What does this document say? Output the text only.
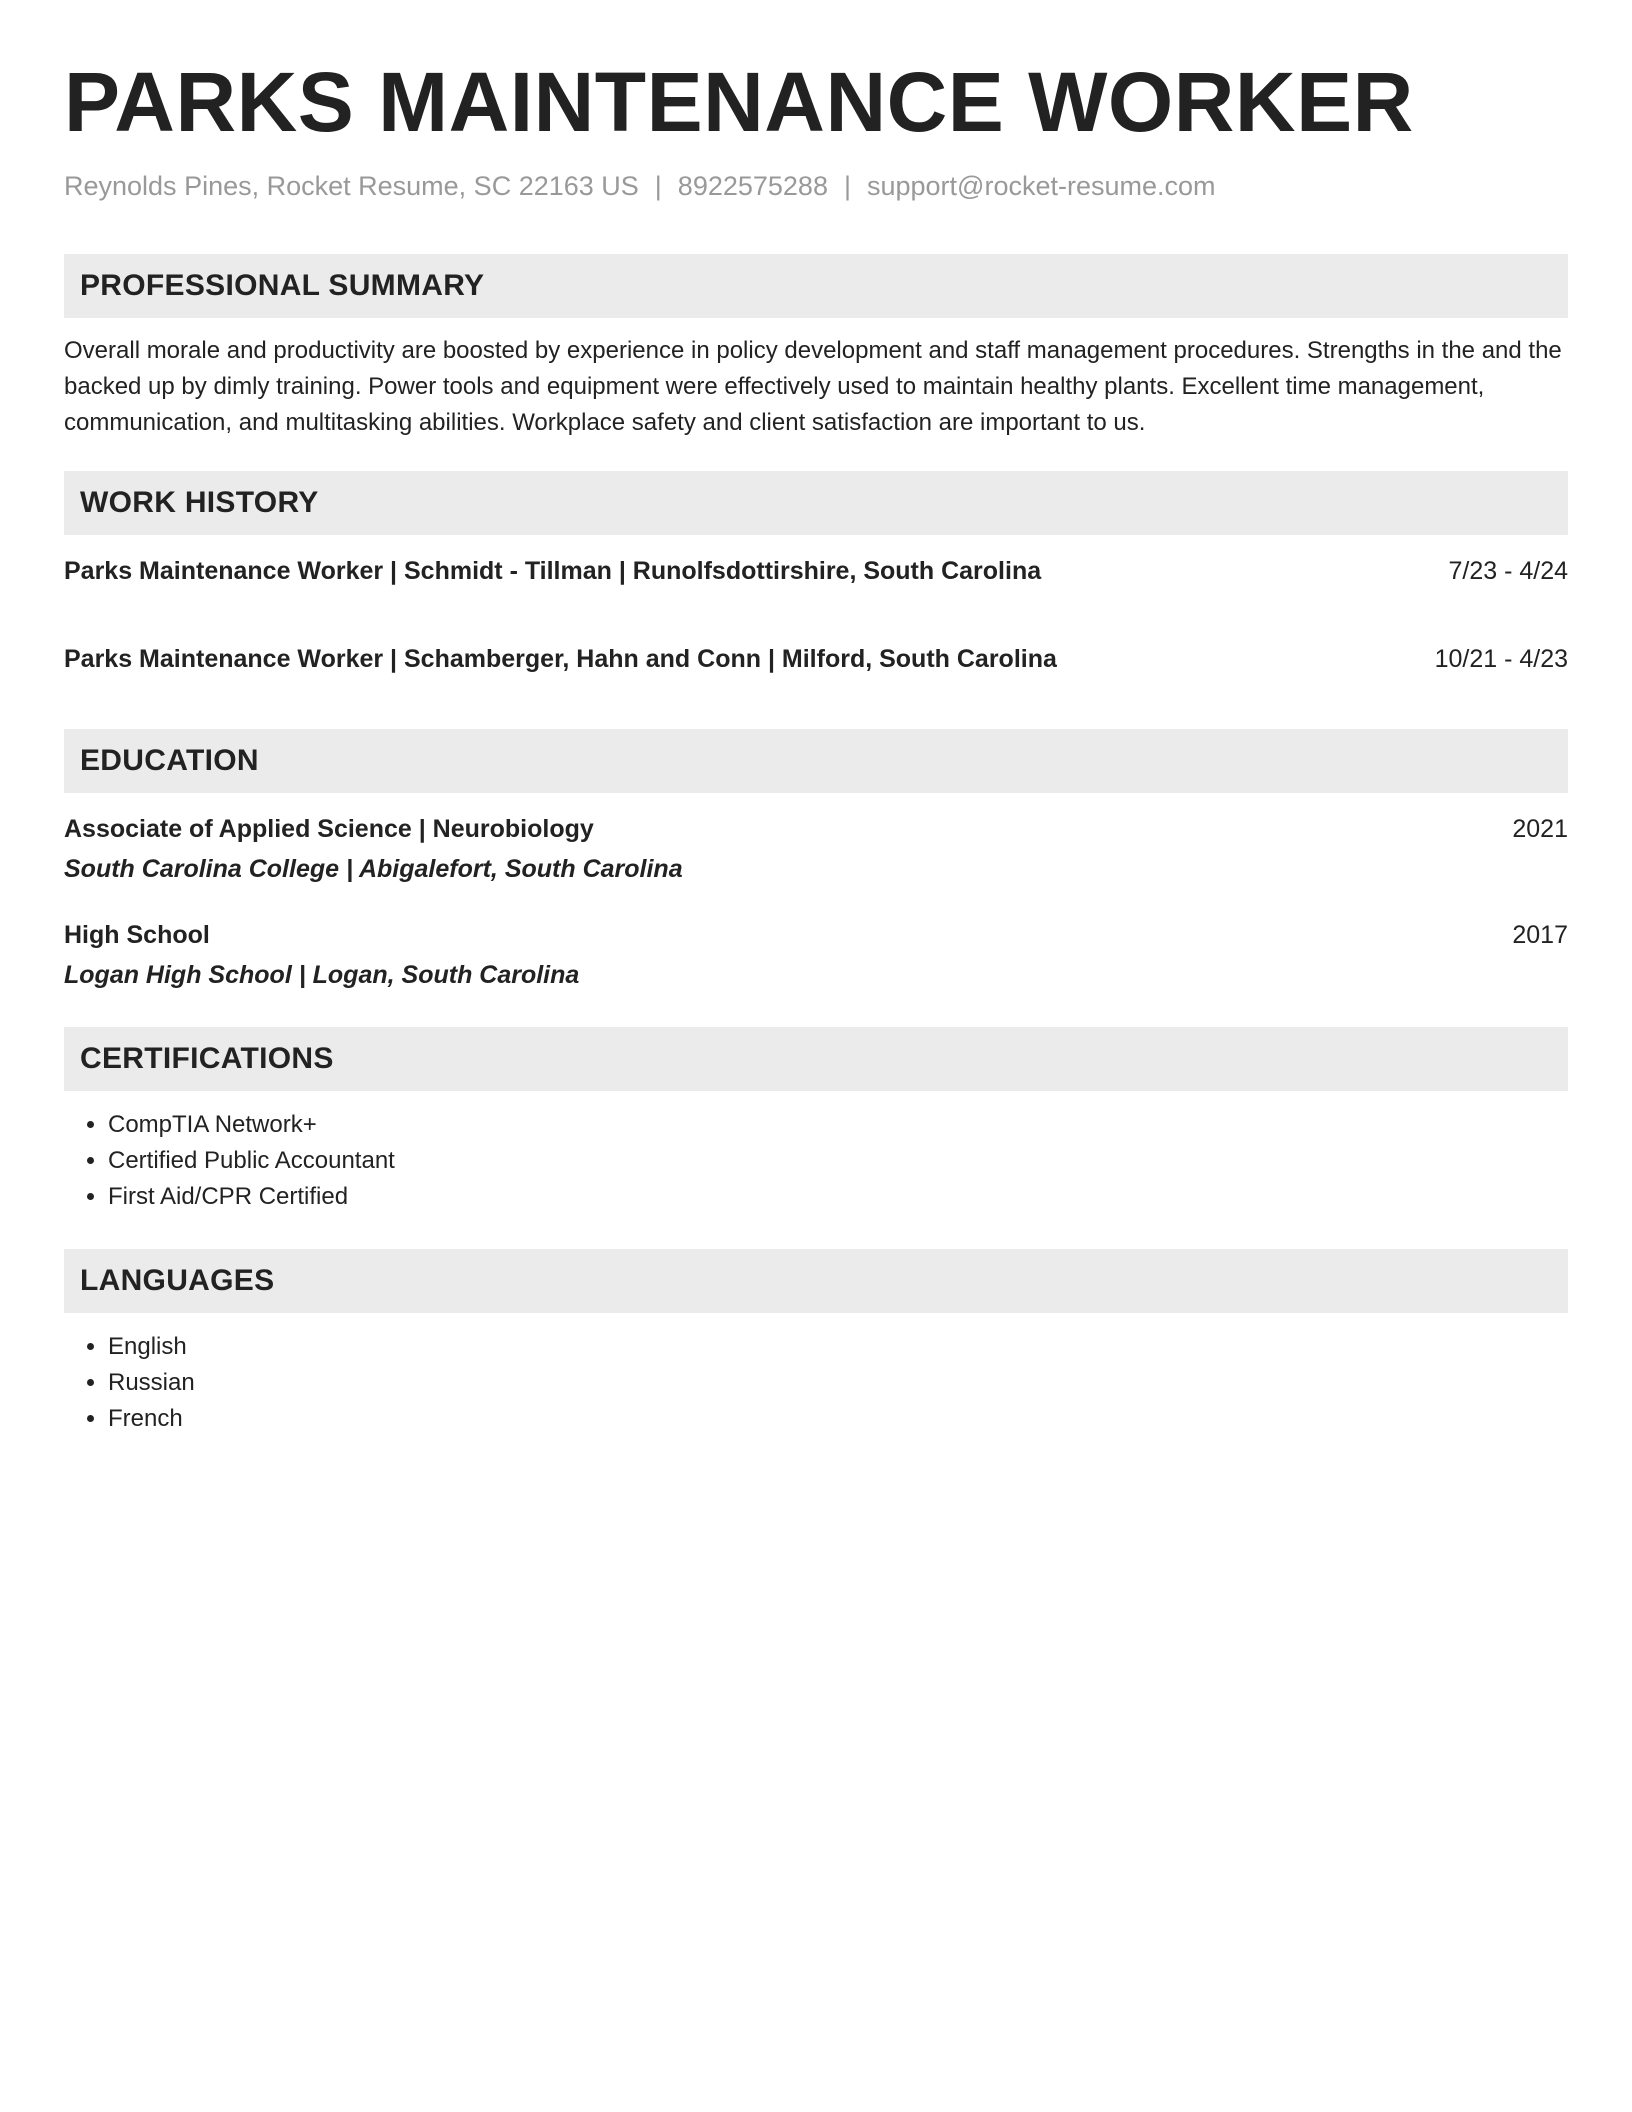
PARKS MAINTENANCE WORKER
Reynolds Pines, Rocket Resume, SC 22163 US | 8922575288 | support@rocket-resume.com
PROFESSIONAL SUMMARY

Overall morale and productivity are boosted by experience in policy development and staff management procedures. Strengths in the and the backed up by dimly training. Power tools and equipment were effectively used to maintain healthy plants. Excellent time management, communication, and multitasking abilities. Workplace safety and client satisfaction are important to us.

WORK HISTORY
Parks Maintenance Worker | Schmidt - Tillman | Runolfsdottirshire, South Carolina	7/23 - 4/24
Parks Maintenance Worker | Schamberger, Hahn and Conn | Milford, South Carolina	10/21 - 4/23
EDUCATION
Associate of Applied Science | Neurobiology	2021
South Carolina College | Abigalefort, South Carolina
High School	2017
Logan High School | Logan, South Carolina
CERTIFICATIONS
• CompTIA Network+
• Certified Public Accountant
• First Aid/CPR Certified
LANGUAGES
• English
• Russian
• French
